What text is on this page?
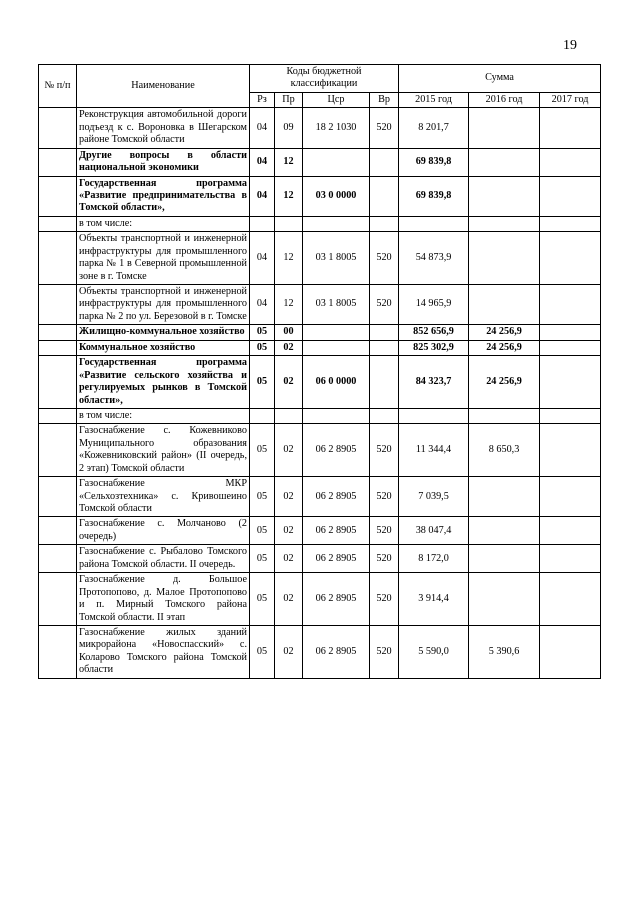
19
№ п/п	Наименование	Коды бюджетной классификации				Сумма		
		Рз	Пр	Цср	Вр	2015 год	2016 год	2017 год
	Реконструкция автомобильной дороги подъезд к с. Вороновка в Шегарском районе Томской области	04	09	18 2 1030	520	8 201,7		
	Другие вопросы в области национальной экономики	04	12			69 839,8		
	Государственная программа «Развитие предпринимательства в Томской области»,	04	12	03 0 0000		69 839,8		
	в том числе:							
	Объекты транспортной и инженерной инфраструктуры для промышленного парка № 1 в Северной промышленной зоне в г. Томске	04	12	03 1 8005	520	54 873,9		
	Объекты транспортной и инженерной инфраструктуры для промышленного парка № 2 по ул. Березовой в г. Томске	04	12	03 1 8005	520	14 965,9		
	Жилищно-коммунальное хозяйство	05	00			852 656,9	24 256,9	
	Коммунальное хозяйство	05	02			825 302,9	24 256,9	
	Государственная программа «Развитие сельского хозяйства и регулируемых рынков в Томской области»,	05	02	06 0 0000		84 323,7	24 256,9	
	в том числе:							
	Газоснабжение с. Кожевниково Муниципального образования «Кожевниковский район» (II очередь, 2 этап) Томской области	05	02	06 2 8905	520	11 344,4	8 650,3	
	Газоснабжение МКР «Сельхозтехника» с. Кривошеино Томской области	05	02	06 2 8905	520	7 039,5		
	Газоснабжение с. Молчаново (2 очередь)	05	02	06 2 8905	520	38 047,4		
	Газоснабжение с. Рыбалово Томского района Томской области. II очередь.	05	02	06 2 8905	520	8 172,0		
	Газоснабжение д. Большое Протопопово, д. Малое Протопопово и п. Мирный Томского района Томской области. II этап	05	02	06 2 8905	520	3 914,4		
	Газоснабжение жилых зданий микрорайона «Новоспасский» с. Коларово Томского района Томской области	05	02	06 2 8905	520	5 590,0	5 390,6	
